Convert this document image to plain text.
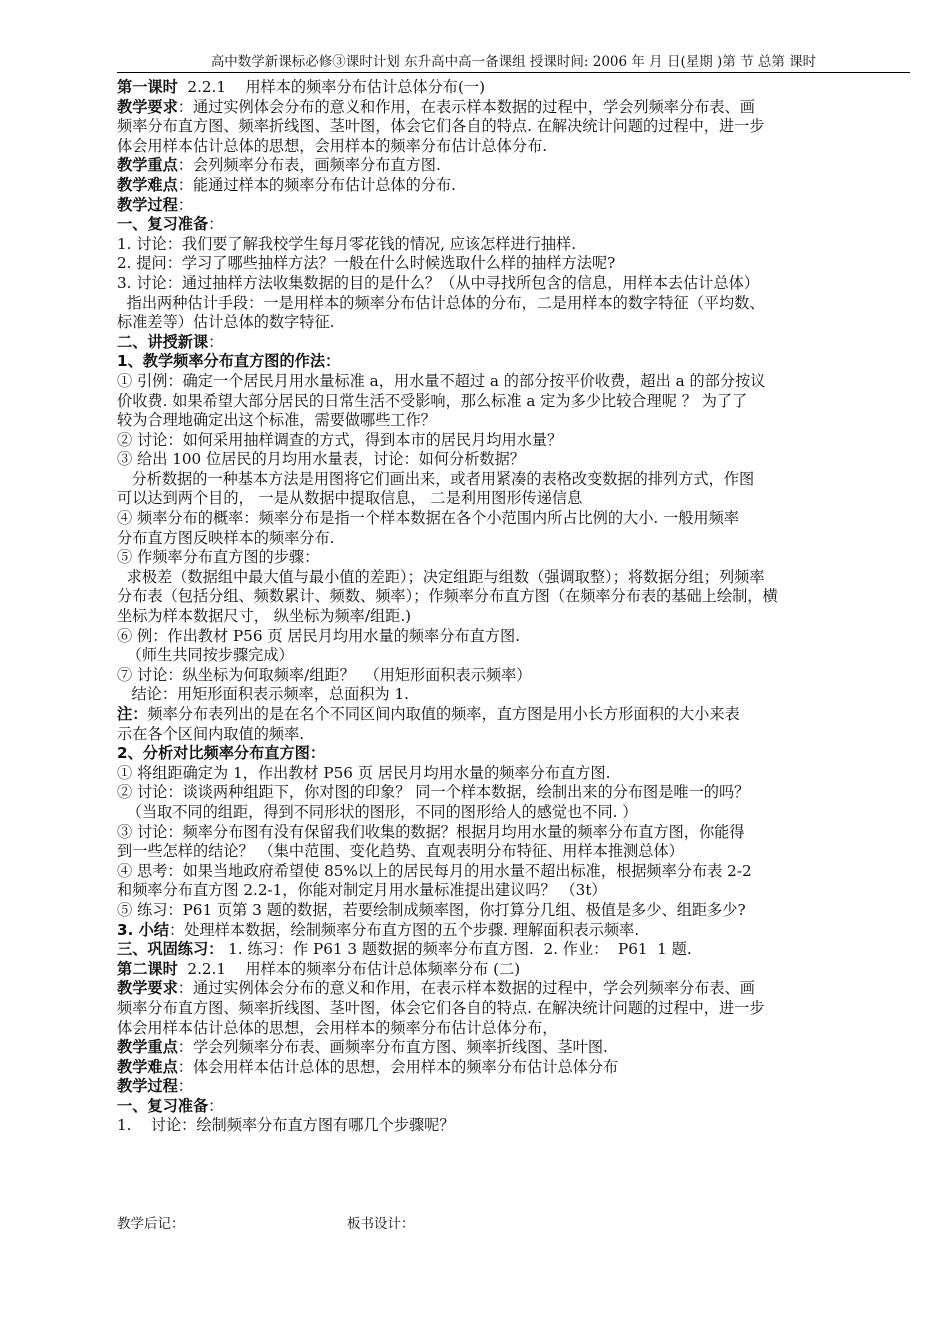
高中数学新课标必修③课时计划 东升高中高一备课组 授课时间: 2006 年 月 日(星期 )第 节 总第 课时
第一课时  2.2.1    用样本的频率分布估计总体分布(一)
教学要求：通过实例体会分布的意义和作用，在表示样本数据的过程中，学会列频率分布表、画
频率分布直方图、频率折线图、茎叶图，体会它们各自的特点. 在解决统计问题的过程中，进一步
体会用样本估计总体的思想，会用样本的频率分布估计总体分布.
教学重点：会列频率分布表，画频率分布直方图.
教学难点：能通过样本的频率分布估计总体的分布.
教学过程：
一、复习准备：
1. 讨论：我们要了解我校学生每月零花钱的情况, 应该怎样进行抽样.
2. 提问：学习了哪些抽样方法？一般在什么时候选取什么样的抽样方法呢?
3. 讨论：通过抽样方法收集数据的目的是什么？（从中寻找所包含的信息，用样本去估计总体）
指出两种估计手段：一是用样本的频率分布估计总体的分布，二是用样本的数字特征（平均数、
标准差等）估计总体的数字特征.
二、讲授新课：
1、教学频率分布直方图的作法：
① 引例：确定一个居民月用水量标准 a，用水量不超过 a 的部分按平价收费，超出 a 的部分按议
价收费. 如果希望大部分居民的日常生活不受影响，那么标准 a 定为多少比较合理呢 ？ 为了了
较为合理地确定出这个标准，需要做哪些工作？
② 讨论：如何采用抽样调查的方式，得到本市的居民月均用水量？
③ 给出 100 位居民的月均用水量表，讨论：如何分析数据？
分析数据的一种基本方法是用图将它们画出来，或者用紧凑的表格改变数据的排列方式，作图
可以达到两个目的， 一是从数据中提取信息， 二是利用图形传递信息
④ 频率分布的概率：频率分布是指一个样本数据在各个小范围内所占比例的大小. 一般用频率
分布直方图反映样本的频率分布.
⑤ 作频率分布直方图的步骤：
求极差（数据组中最大值与最小值的差距）；决定组距与组数（强调取整）；将数据分组；列频率
分布表（包括分组、频数累计、频数、频率）；作频率分布直方图（在频率分布表的基础上绘制，横
坐标为样本数据尺寸， 纵坐标为频率/组距.)
⑥ 例：作出教材 P56 页 居民月均用水量的频率分布直方图.
（师生共同按步骤完成）
⑦ 讨论：纵坐标为何取频率/组距？  （用矩形面积表示频率）
结论：用矩形面积表示频率，总面积为 1.
注：频率分布表列出的是在名个不同区间内取值的频率，直方图是用小长方形面积的大小来表
示在各个区间内取值的频率.
2、分析对比频率分布直方图：
① 将组距确定为 1，作出教材 P56 页 居民月均用水量的频率分布直方图.
② 讨论：谈谈两种组距下，你对图的印象？ 同一个样本数据，绘制出来的分布图是唯一的吗？
（当取不同的组距，得到不同形状的图形，不同的图形给人的感觉也不同. ）
③ 讨论：频率分布图有没有保留我们收集的数据？根据月均用水量的频率分布直方图，你能得
到一些怎样的结论？ （集中范围、变化趋势、直观表明分布特征、用样本推测总体）
④ 思考：如果当地政府希望使 85%以上的居民每月的用水量不超出标准，根据频率分布表 2-2
和频率分布直方图 2.2-1，你能对制定月用水量标准提出建议吗？ （3t）
⑤ 练习：P61 页第 3 题的数据，若要绘制成频率图，你打算分几组、极值是多少、组距多少?
3. 小结：处理样本数据，绘制频率分布直方图的五个步骤. 理解面积表示频率.
三、巩固练习： 1. 练习：作 P61 3 题数据的频率分布直方图.  2. 作业：  P61  1 题.
第二课时  2.2.1    用样本的频率分布估计总体频率分布 (二)
教学要求：通过实例体会分布的意义和作用，在表示样本数据的过程中，学会列频率分布表、画
频率分布直方图、频率折线图、茎叶图，体会它们各自的特点. 在解决统计问题的过程中，进一步
体会用样本估计总体的思想，会用样本的频率分布估计总体分布，
教学重点：学会列频率分布表、画频率分布直方图、频率折线图、茎叶图.
教学难点：体会用样本估计总体的思想，会用样本的频率分布估计总体分布
教学过程：
一、复习准备：
1.    讨论：绘制频率分布直方图有哪几个步骤呢？
教学后记：	板书设计：
